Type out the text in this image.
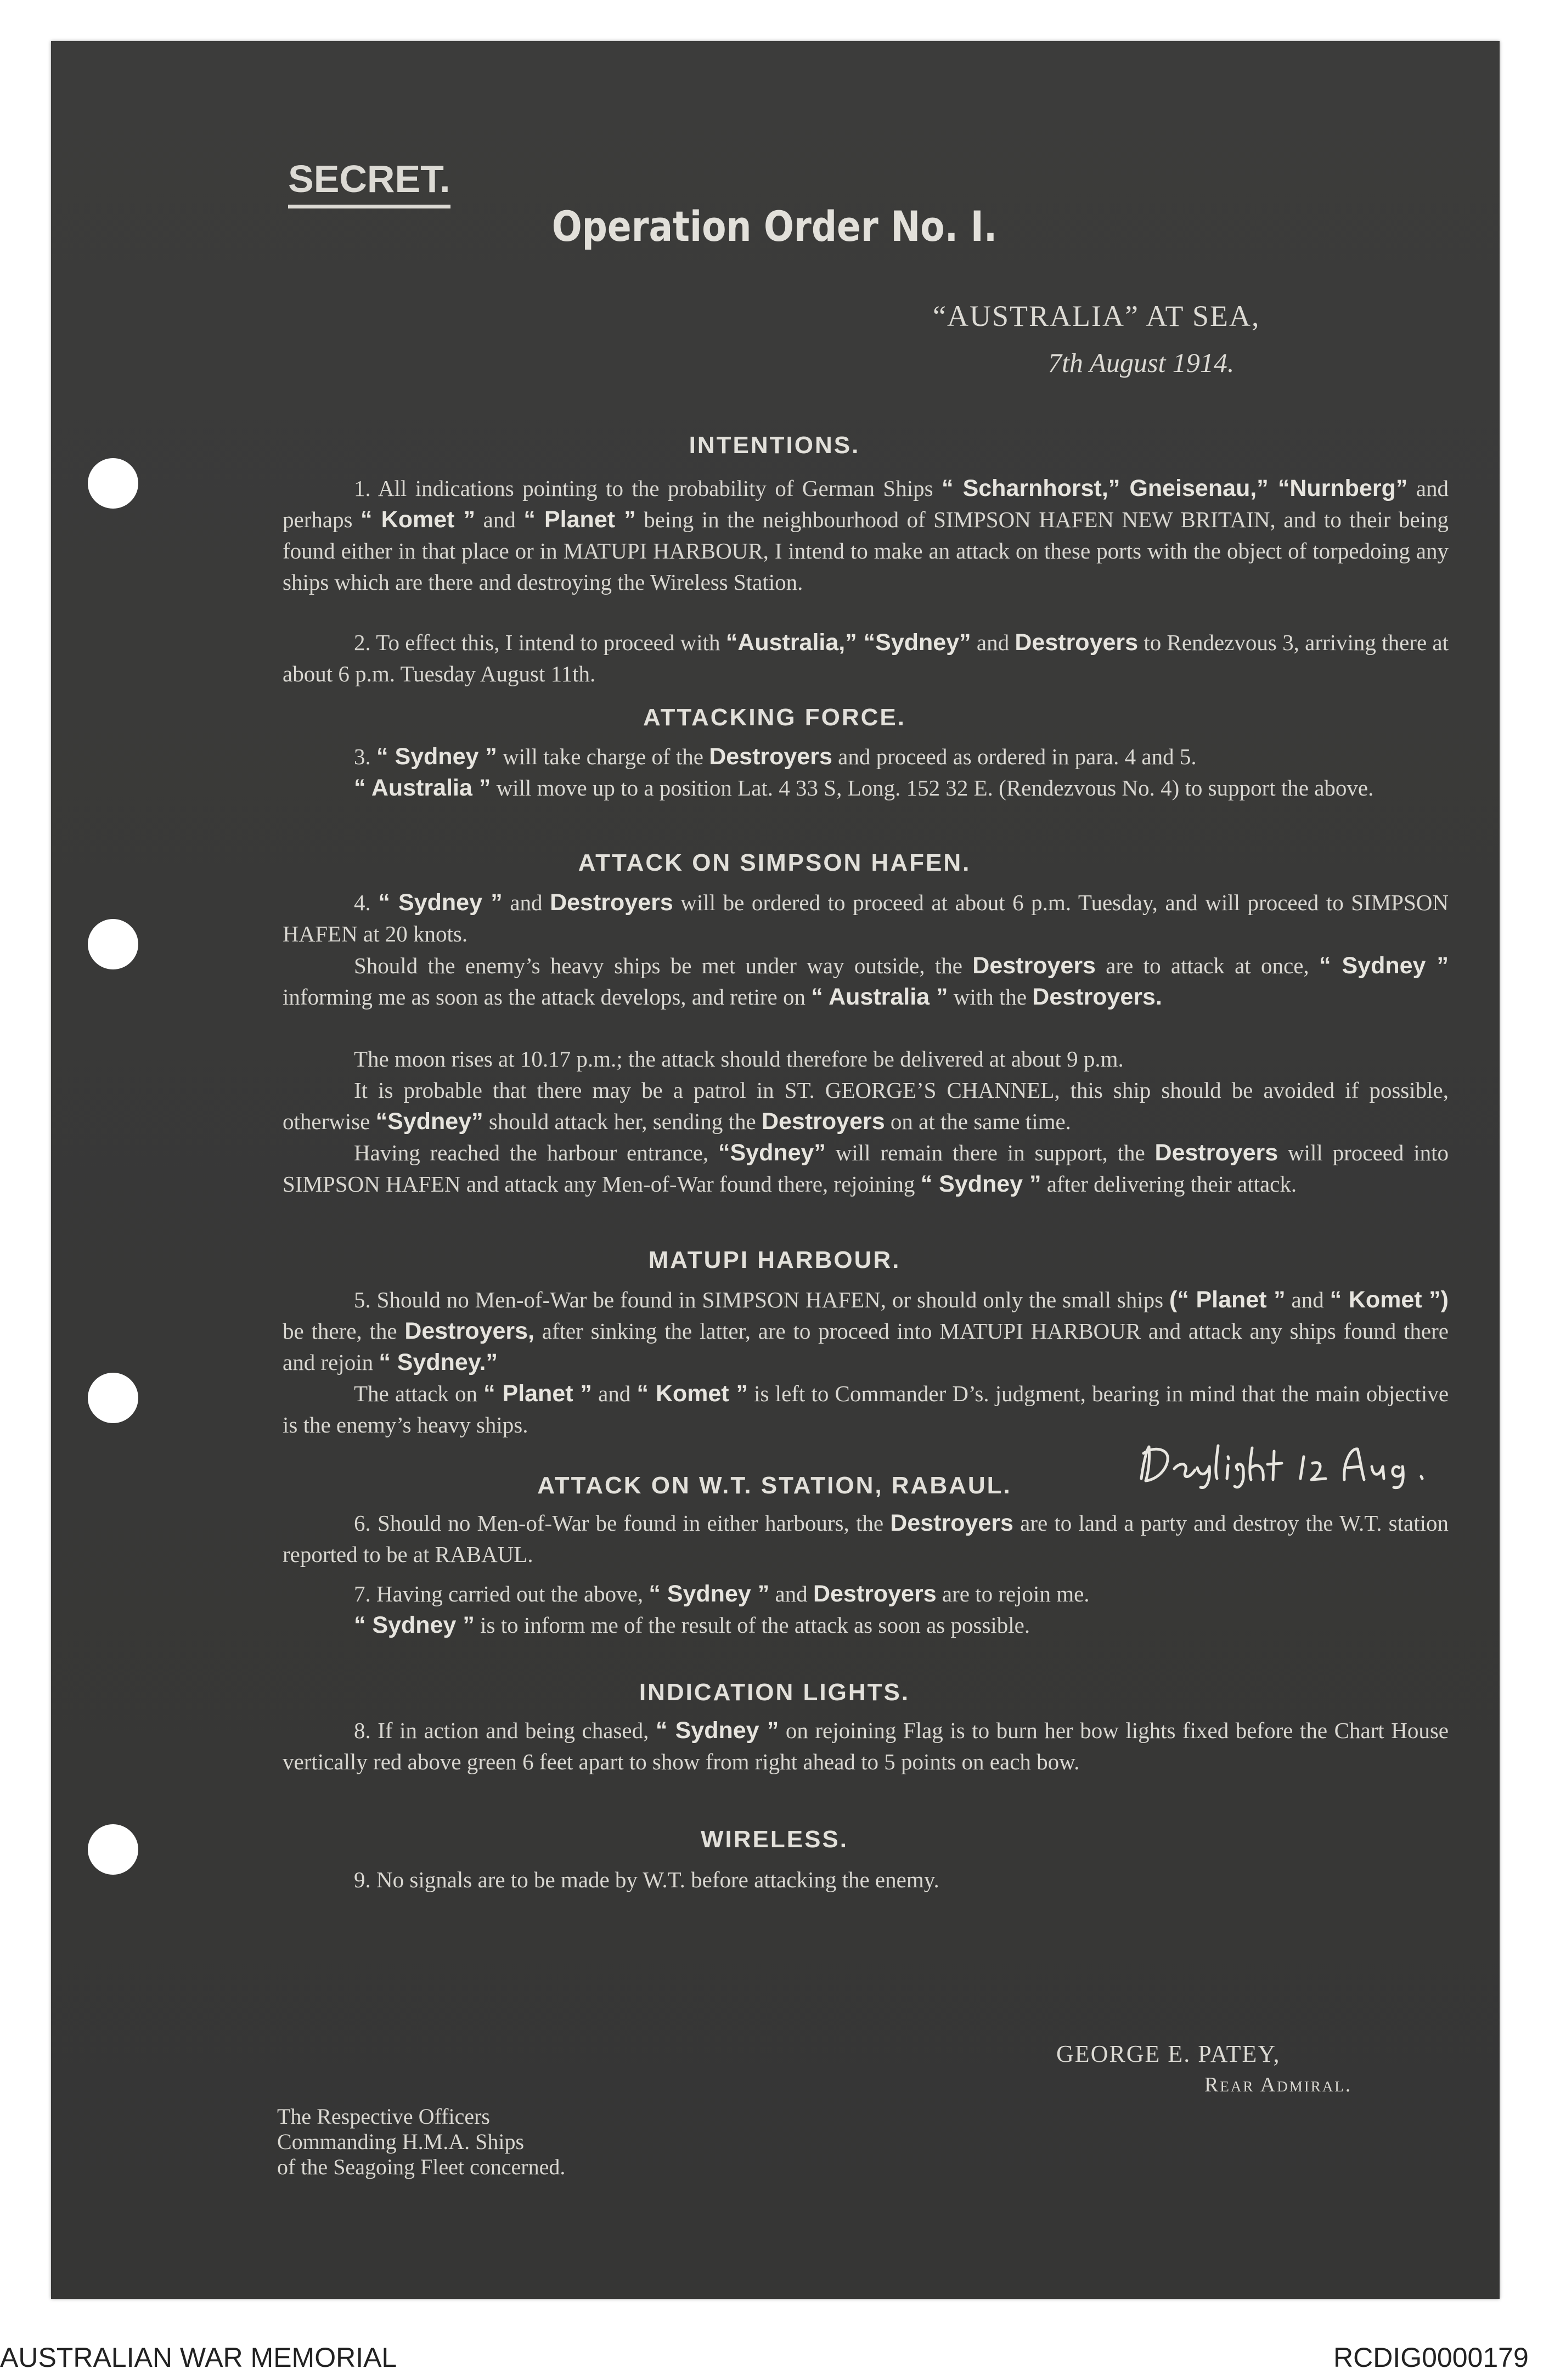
SECRET.
Operation Order No. I.
“AUSTRALIA” AT SEA,
7th August 1914.
INTENTIONS.
ATTACKING FORCE.
ATTACK ON SIMPSON HAFEN.
MATUPI HARBOUR.
ATTACK ON W.T. STATION, RABAUL.
INDICATION LIGHTS.
WIRELESS.
1. All indications pointing to the probability of German Ships “ Scharnhorst,” Gneisenau,” “Nurnberg” and perhaps “ Komet ” and “ Planet ” being in the neighbourhood of SIMPSON HAFEN NEW BRITAIN, and to their being found either in that place or in MATUPI HARBOUR, I intend to make an attack on these ports with the object of torpedoing any ships which are there and destroying the Wireless Station.
2. To effect this, I intend to proceed with “Australia,” “Sydney” and Destroyers to Rendezvous 3, arriving there at about 6 p.m. Tuesday August 11th.
3. “ Sydney ” will take charge of the Destroyers and proceed as ordered in para. 4 and 5.
“ Australia ” will move up to a position Lat. 4 33 S, Long. 152 32 E. (Rendezvous No. 4) to support the above.
4. “ Sydney ” and Destroyers will be ordered to proceed at about 6 p.m. Tuesday, and will proceed to SIMPSON HAFEN at 20 knots.
Should the enemy’s heavy ships be met under way outside, the Destroyers are to attack at once, “ Sydney ” informing me as soon as the attack develops, and retire on “ Australia ” with the Destroyers.
The moon rises at 10.17 p.m.; the attack should therefore be delivered at about 9 p.m.
It is probable that there may be a patrol in ST. GEORGE’S CHANNEL, this ship should be avoided if possible, otherwise “Sydney” should attack her, sending the Destroyers on at the same time.
Having reached the harbour entrance, “Sydney” will remain there in support, the Destroyers will proceed into SIMPSON HAFEN and attack any Men-of-War found there, rejoining “ Sydney ” after delivering their attack.
5. Should no Men-of-War be found in SIMPSON HAFEN, or should only the small ships (“ Planet ” and “ Komet ”) be there, the Destroyers, after sinking the latter, are to proceed into MATUPI HARBOUR and attack any ships found there and rejoin “ Sydney.”
The attack on “ Planet ” and “ Komet ” is left to Commander D’s. judgment, bearing in mind that the main objective is the enemy’s heavy ships.
6. Should no Men-of-War be found in either harbours, the Destroyers are to land a party and destroy the W.T. station reported to be at RABAUL.
7. Having carried out the above, “ Sydney ” and Destroyers are to rejoin me.
“ Sydney ” is to inform me of the result of the attack as soon as possible.
8. If in action and being chased, “ Sydney ” on rejoining Flag is to burn her bow lights fixed before the Chart House vertically red above green 6 feet apart to show from right ahead to 5 points on each bow.
9. No signals are to be made by W.T. before attacking the enemy.
GEORGE E. PATEY,
Rear Admiral.
The Respective Officers
Commanding H.M.A. Ships
of the Seagoing Fleet concerned.
AUSTRALIAN WAR MEMORIAL	RCDIG0000179
